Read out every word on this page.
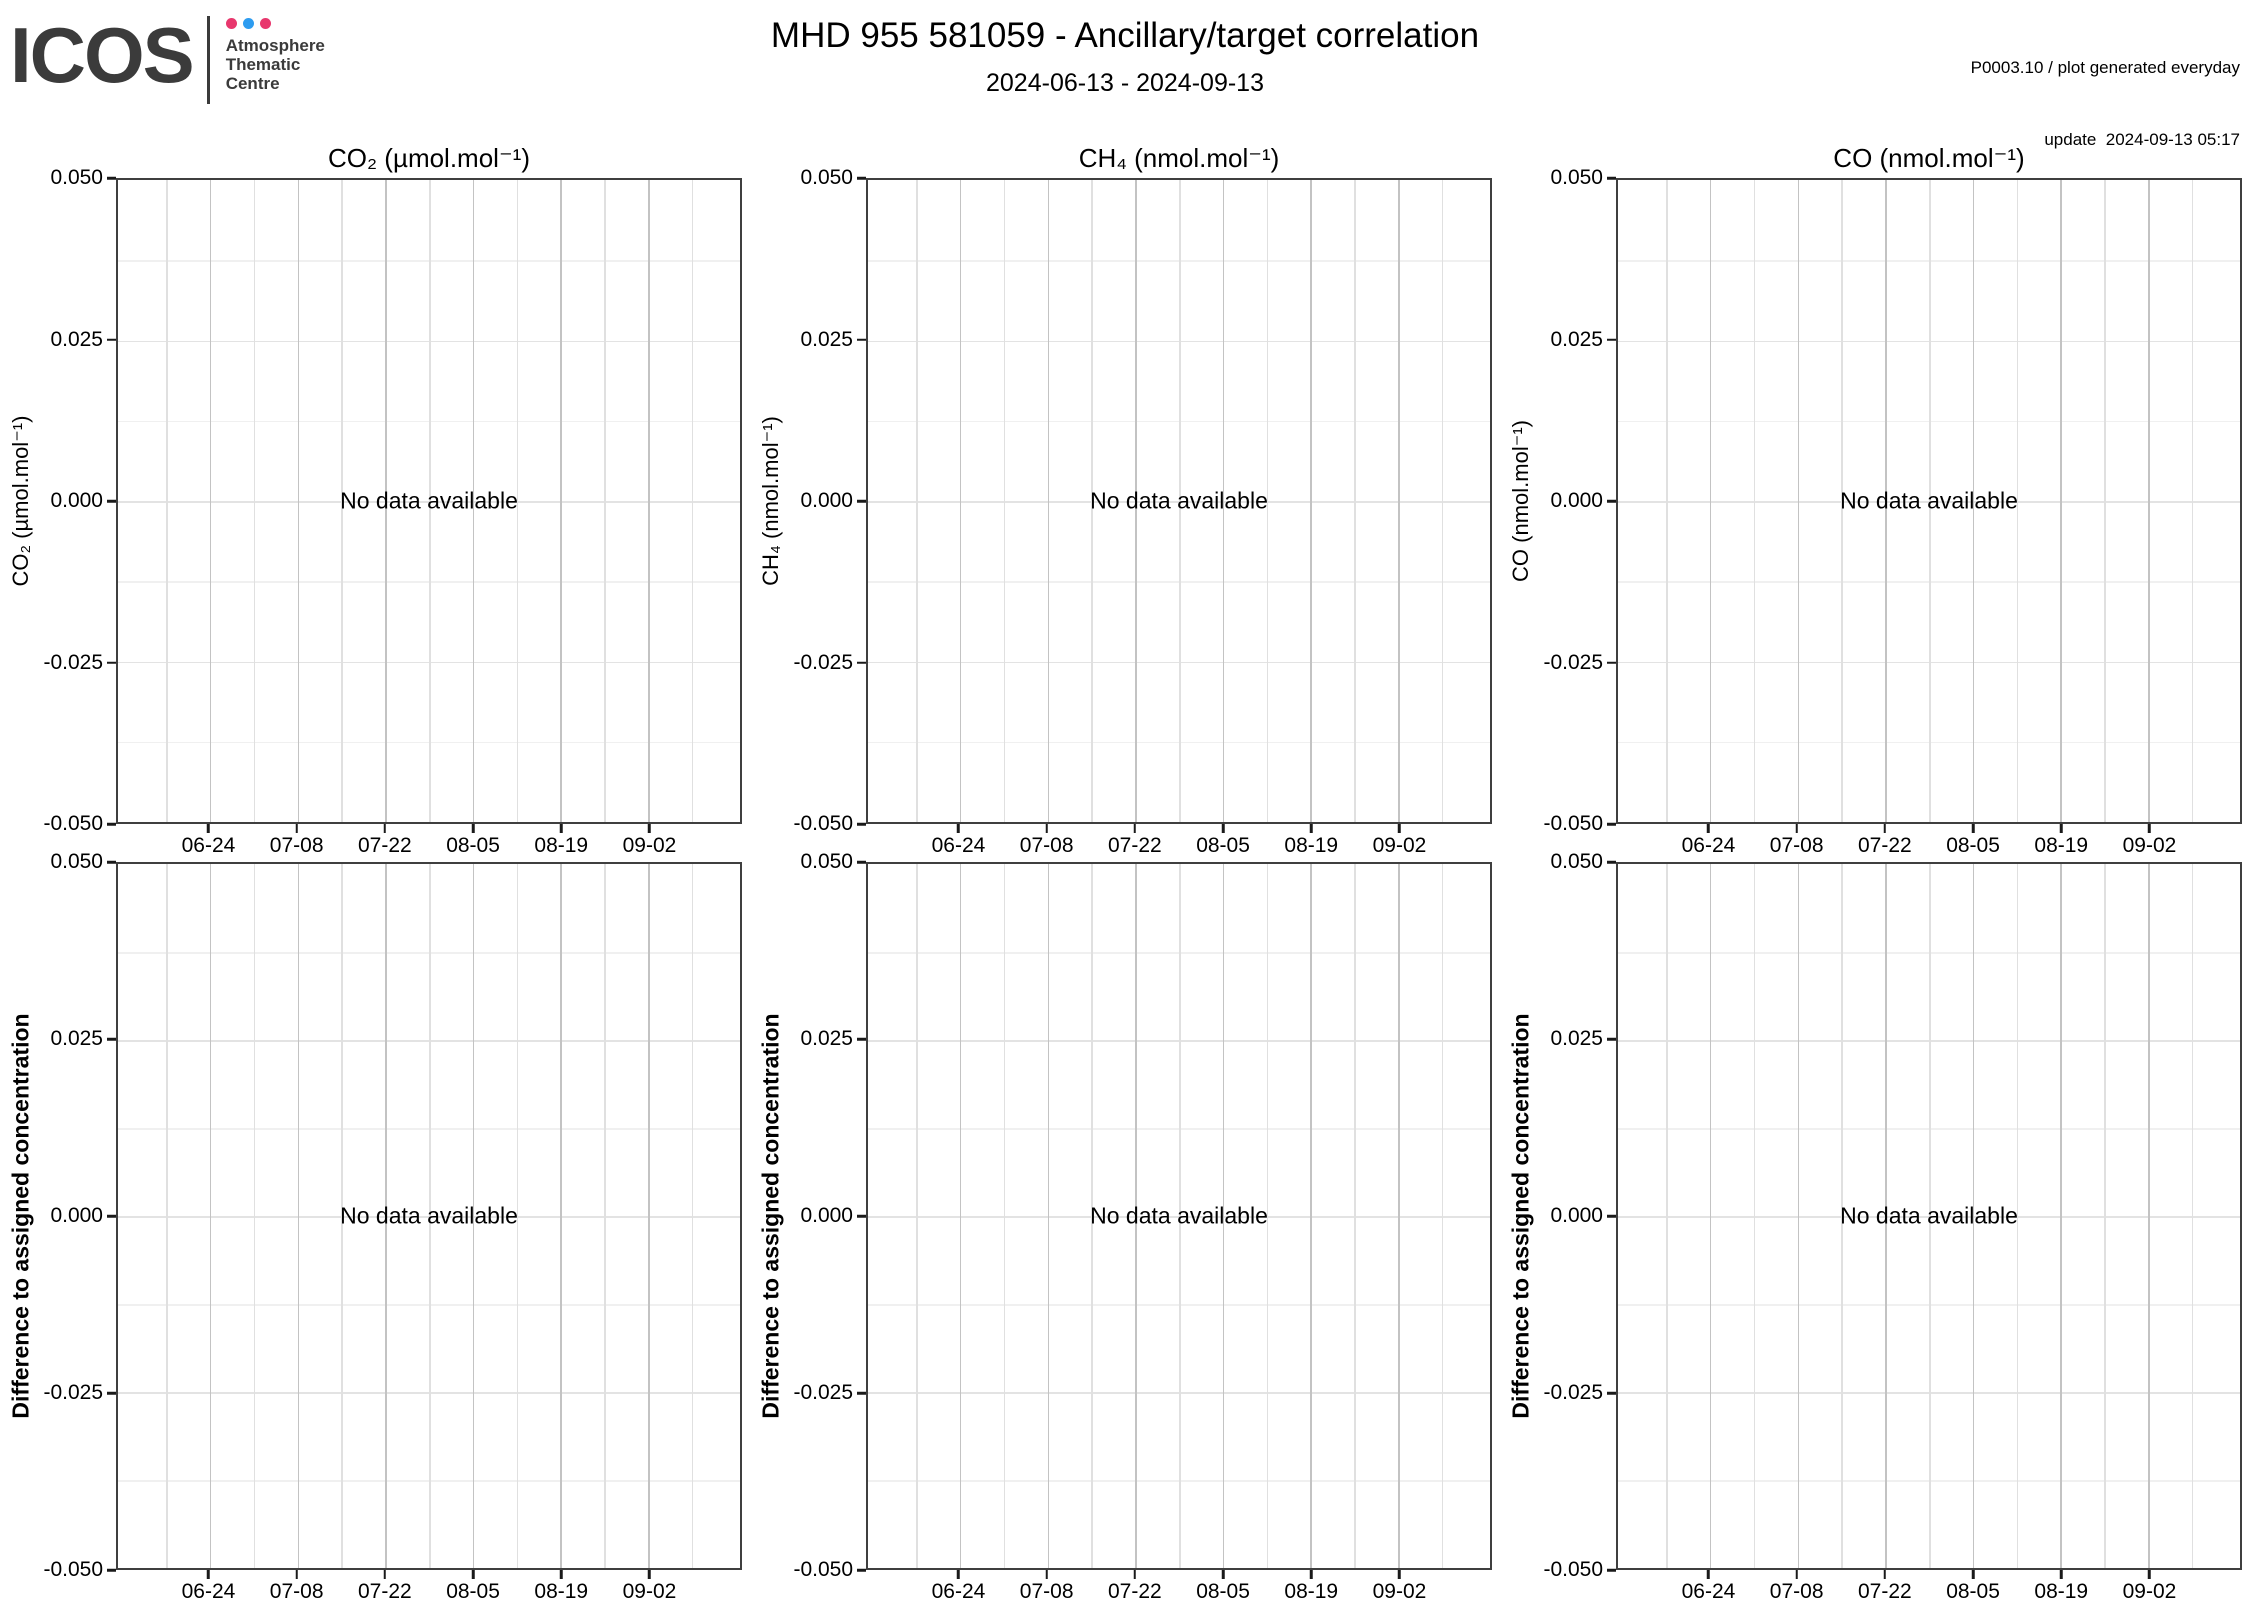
ICOS Atmosphere
Thematic
Centre
MHD 955 581059 - Ancillary/target correlation
2024-06-13 - 2024-09-13

P0003.10 / plot generated everyday

update  2024-09-13 05:17

CO₂ (µmol.mol⁻¹)
CO₂ (µmol.mol⁻¹)
0.050
0.025
0.000
-0.025
-0.050
No data available
06-24 07-08 07-22 08-05 08-19 09-02
CH₄ (nmol.mol⁻¹)
CH₄ (nmol.mol⁻¹)
0.050
0.025
0.000
-0.025
-0.050
No data available
06-24 07-08 07-22 08-05 08-19 09-02
CO (nmol.mol⁻¹)
CO (nmol.mol⁻¹)
0.050
0.025
0.000
-0.025
-0.050
No data available
06-24 07-08 07-22 08-05 08-19 09-02
Difference to assigned concentration
0.050
0.025
0.000
-0.025
-0.050
No data available
06-24 07-08 07-22 08-05 08-19 09-02
Difference to assigned concentration
0.050
0.025
0.000
-0.025
-0.050
No data available
06-24 07-08 07-22 08-05 08-19 09-02
Difference to assigned concentration
0.050
0.025
0.000
-0.025
-0.050
No data available
06-24 07-08 07-22 08-05 08-19 09-02
